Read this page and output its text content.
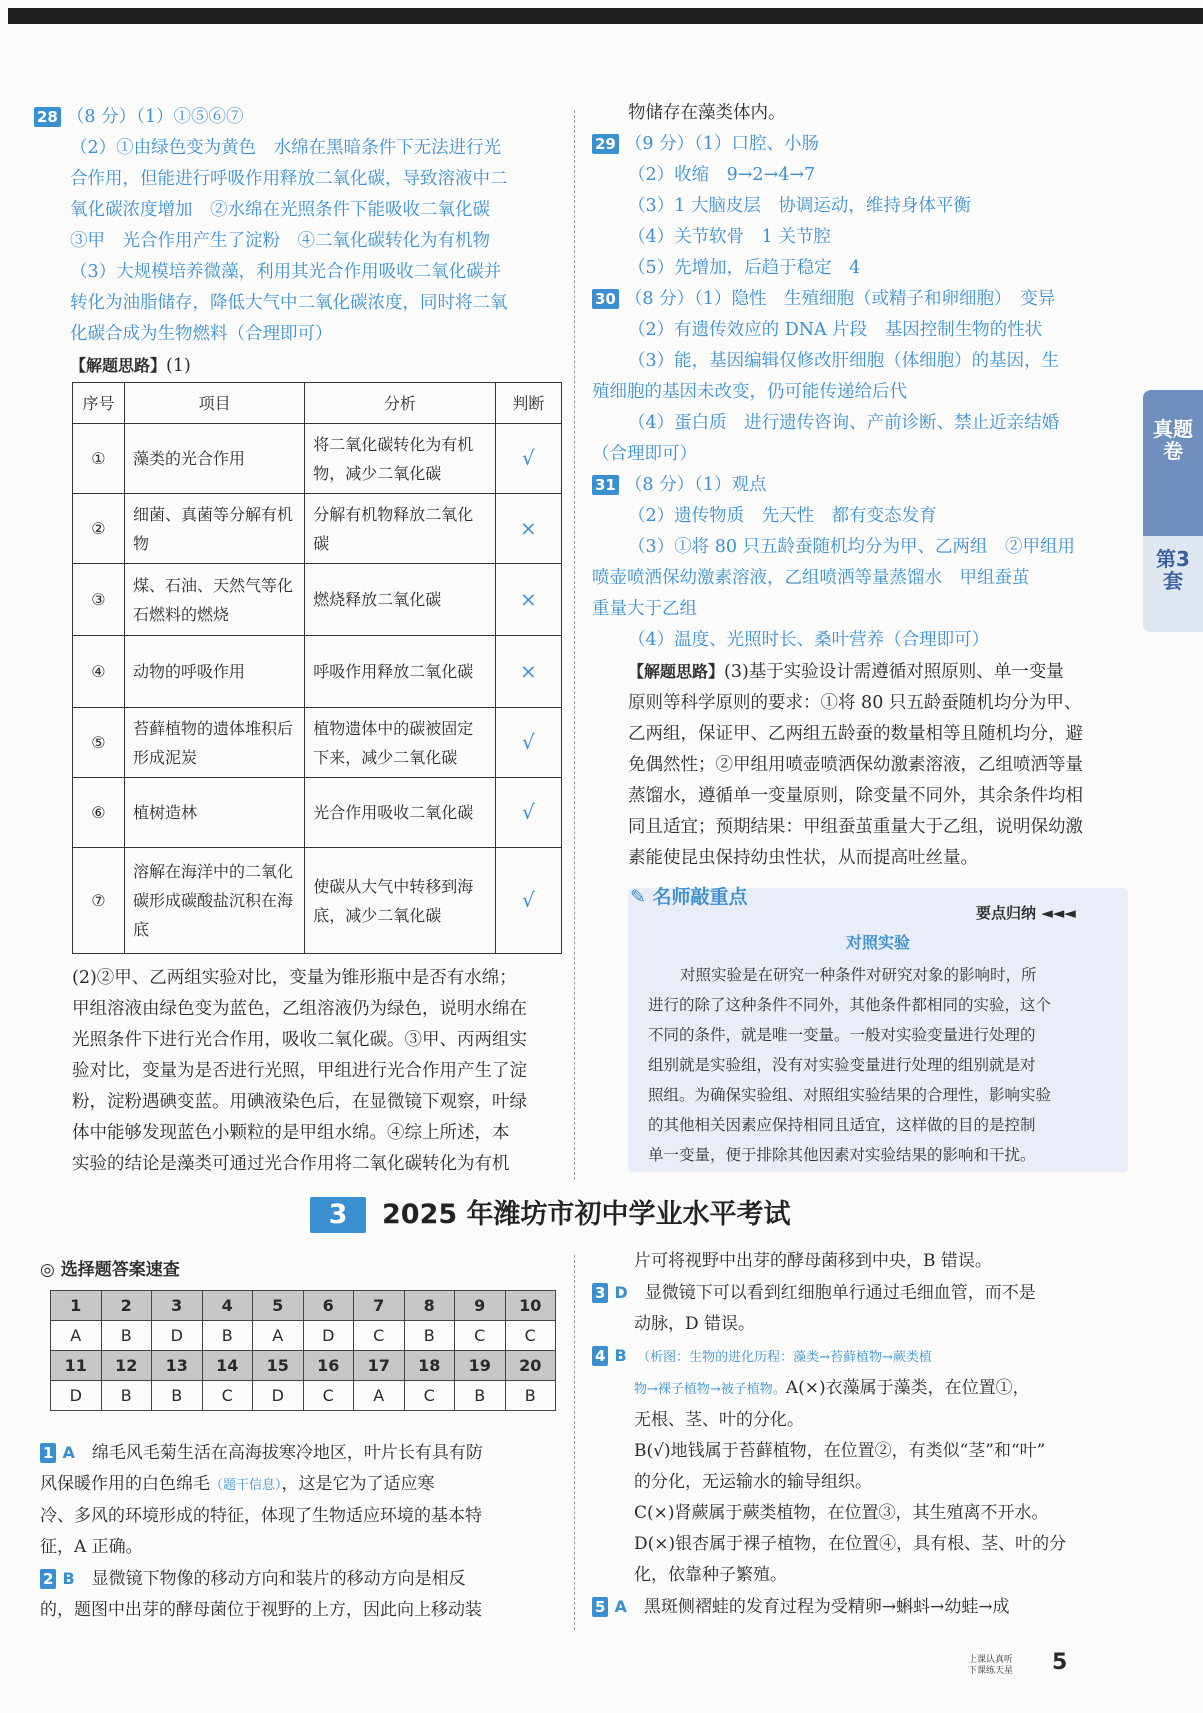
28 （8 分）（1）①⑤⑥⑦
（2）①由绿色变为黄色　水绵在黑暗条件下无法进行光
合作用，但能进行呼吸作用释放二氧化碳，导致溶液中二
氧化碳浓度增加　②水绵在光照条件下能吸收二氧化碳
③甲　光合作用产生了淀粉　④二氧化碳转化为有机物
（3）大规模培养微藻，利用其光合作用吸收二氧化碳并
转化为油脂储存，降低大气中二氧化碳浓度，同时将二氧
化碳合成为生物燃料（合理即可）
【解题思路】(1)
序号	项目	分析	判断
①	藻类的光合作用	将二氧化碳转化为有机物，减少二氧化碳	√
②	细菌、真菌等分解有机物	分解有机物释放二氧化碳	×
③	煤、石油、天然气等化石燃料的燃烧	燃烧释放二氧化碳	×
④	动物的呼吸作用	呼吸作用释放二氧化碳	×
⑤	苔藓植物的遗体堆积后形成泥炭	植物遗体中的碳被固定下来，减少二氧化碳	√
⑥	植树造林	光合作用吸收二氧化碳	√
⑦	溶解在海洋中的二氧化碳形成碳酸盐沉积在海底	使碳从大气中转移到海底，减少二氧化碳	√
(2)②甲、乙两组实验对比，变量为锥形瓶中是否有水绵；
甲组溶液由绿色变为蓝色，乙组溶液仍为绿色，说明水绵在
光照条件下进行光合作用，吸收二氧化碳。③甲、丙两组实
验对比，变量为是否进行光照，甲组进行光合作用产生了淀
粉，淀粉遇碘变蓝。用碘液染色后，在显微镜下观察，叶绿
体中能够发现蓝色小颗粒的是甲组水绵。④综上所述，本
实验的结论是藻类可通过光合作用将二氧化碳转化为有机
物储存在藻类体内。
29 （9 分）（1）口腔、小肠
（2）收缩　9→2→4→7
（3）1 大脑皮层　协调运动，维持身体平衡
（4）关节软骨　1 关节腔
（5）先增加，后趋于稳定　4
30 （8 分）（1）隐性　生殖细胞（或精子和卵细胞）　变异
（2）有遗传效应的 DNA 片段　基因控制生物的性状
（3）能，基因编辑仅修改肝细胞（体细胞）的基因，生
殖细胞的基因未改变，仍可能传递给后代
（4）蛋白质　进行遗传咨询、产前诊断、禁止近亲结婚
（合理即可）
31 （8 分）（1）观点
（2）遗传物质　先天性　都有变态发育
（3）①将 80 只五龄蚕随机均分为甲、乙两组　②甲组用
喷壶喷洒保幼激素溶液，乙组喷洒等量蒸馏水　甲组蚕茧
重量大于乙组
（4）温度、光照时长、桑叶营养（合理即可）
【解题思路】(3)基于实验设计需遵循对照原则、单一变量
原则等科学原则的要求：①将 80 只五龄蚕随机均分为甲、
乙两组，保证甲、乙两组五龄蚕的数量相等且随机均分，避
免偶然性；②甲组用喷壶喷洒保幼激素溶液，乙组喷洒等量
蒸馏水，遵循单一变量原则，除变量不同外，其余条件均相
同且适宜；预期结果：甲组蚕茧重量大于乙组，说明保幼激
素能使昆虫保持幼虫性状，从而提高吐丝量。
真题卷
第3套
✎ 名师敲重点
要点归纳 ◄◄◄
对照实验
对照实验是在研究一种条件对研究对象的影响时，所
进行的除了这种条件不同外，其他条件都相同的实验，这个
不同的条件，就是唯一变量。一般对实验变量进行处理的
组别就是实验组，没有对实验变量进行处理的组别就是对
照组。为确保实验组、对照组实验结果的合理性，影响实验
的其他相关因素应保持相同且适宜，这样做的目的是控制
单一变量，便于排除其他因素对实验结果的影响和干扰。
3 2025 年潍坊市初中学业水平考试
◎ 选择题答案速查
1	2	3	4	5	6	7	8	9	10
A	B	D	B	A	D	C	B	C	C
11	12	13	14	15	16	17	18	19	20
D	B	B	C	D	C	A	C	B	B
1 A　 绵毛风毛菊生活在高海拔寒冷地区，叶片长有具有防
风保暖作用的白色绵毛（题干信息），这是它为了适应寒
冷、多风的环境形成的特征，体现了生物适应环境的基本特
征，A 正确。
2 B　 显微镜下物像的移动方向和装片的移动方向是相反
的，题图中出芽的酵母菌位于视野的上方，因此向上移动装
片可将视野中出芽的酵母菌移到中央，B 错误。
3 D　 显微镜下可以看到红细胞单行通过毛细血管，而不是
动脉，D 错误。
4 B　 （析图：生物的进化历程：藻类→苔藓植物→蕨类植
物→裸子植物→被子植物。A(×)衣藻属于藻类，在位置①，
无根、茎、叶的分化。
B(√)地钱属于苔藓植物，在位置②，有类似“茎”和“叶”
的分化，无运输水的输导组织。
C(×)肾蕨属于蕨类植物，在位置③，其生殖离不开水。
D(×)银杏属于裸子植物，在位置④，具有根、茎、叶的分
化，依靠种子繁殖。
5 A　 黑斑侧褶蛙的发育过程为受精卵→蝌蚪→幼蛙→成
上课认真听
下课练天星 5
